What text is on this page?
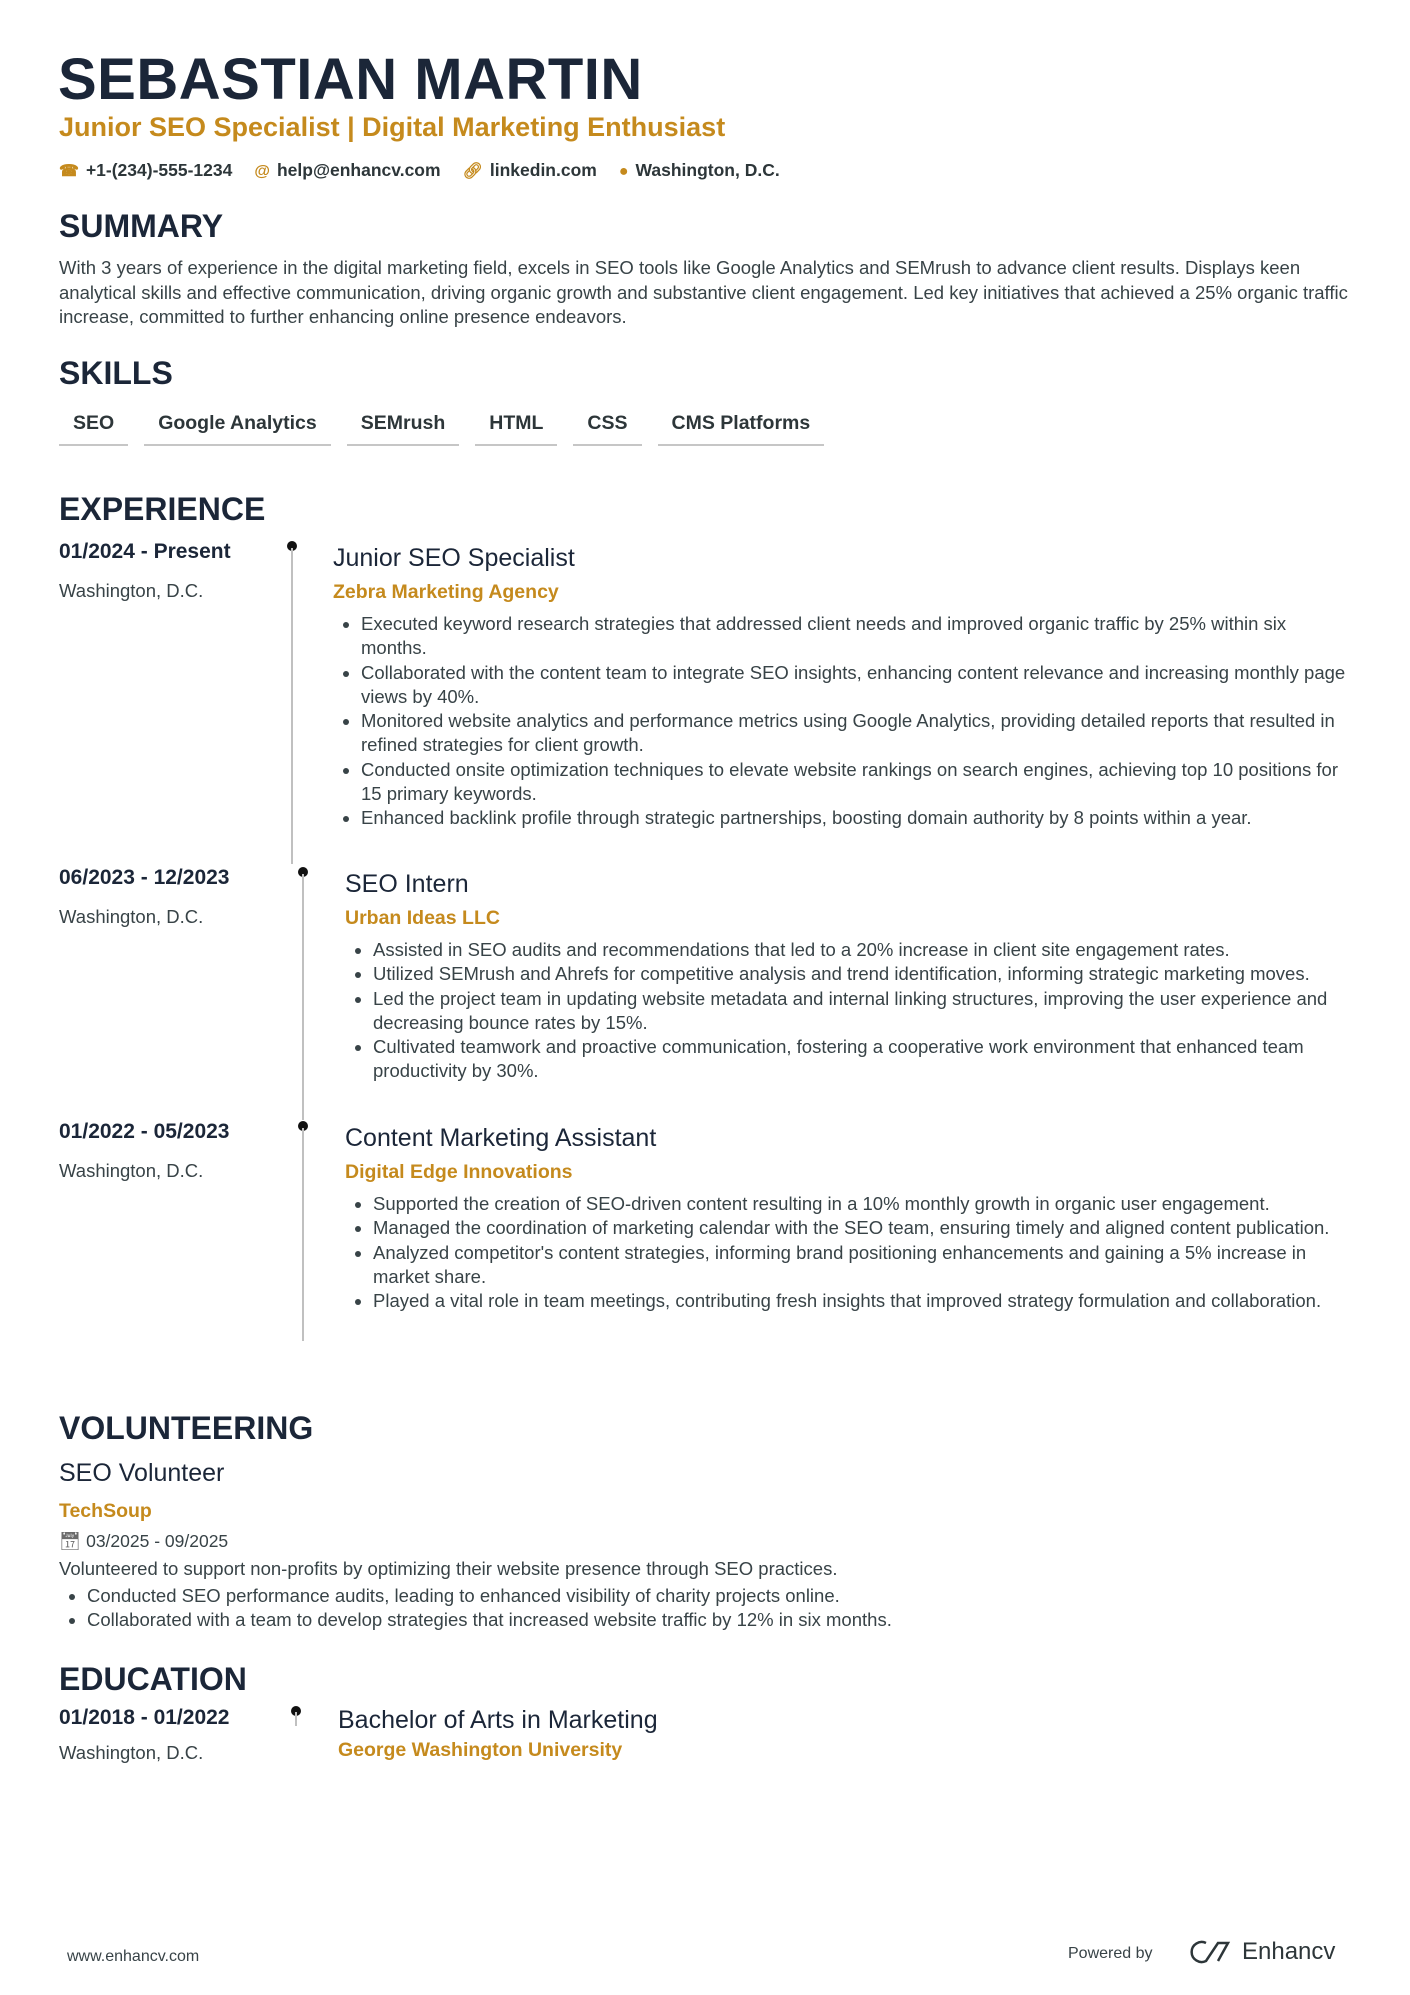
SEBASTIAN MARTIN
Junior SEO Specialist | Digital Marketing Enthusiast
☎ +1-(234)-555-1234 @ help@enhancv.com 🔗︎ linkedin.com ● Washington, D.C.
SUMMARY
With 3 years of experience in the digital marketing field, excels in SEO tools like Google Analytics and SEMrush to advance client results. Displays keen analytical skills and effective communication, driving organic growth and substantive client engagement. Led key initiatives that achieved a 25% organic traffic increase, committed to further enhancing online presence endeavors.
SKILLS
SEO	Google Analytics	SEMrush	HTML	CSS	CMS Platforms
EXPERIENCE
01/2024 - Present
Washington, D.C.
Junior SEO Specialist
Zebra Marketing Agency
• Executed keyword research strategies that addressed client needs and improved organic traffic by 25% within six months.
• Collaborated with the content team to integrate SEO insights, enhancing content relevance and increasing monthly page views by 40%.
• Monitored website analytics and performance metrics using Google Analytics, providing detailed reports that resulted in refined strategies for client growth.
• Conducted onsite optimization techniques to elevate website rankings on search engines, achieving top 10 positions for 15 primary keywords.
• Enhanced backlink profile through strategic partnerships, boosting domain authority by 8 points within a year.
06/2023 - 12/2023
Washington, D.C.
SEO Intern
Urban Ideas LLC
• Assisted in SEO audits and recommendations that led to a 20% increase in client site engagement rates.
• Utilized SEMrush and Ahrefs for competitive analysis and trend identification, informing strategic marketing moves.
• Led the project team in updating website metadata and internal linking structures, improving the user experience and decreasing bounce rates by 15%.
• Cultivated teamwork and proactive communication, fostering a cooperative work environment that enhanced team productivity by 30%.
01/2022 - 05/2023
Washington, D.C.
Content Marketing Assistant
Digital Edge Innovations
• Supported the creation of SEO-driven content resulting in a 10% monthly growth in organic user engagement.
• Managed the coordination of marketing calendar with the SEO team, ensuring timely and aligned content publication.
• Analyzed competitor's content strategies, informing brand positioning enhancements and gaining a 5% increase in market share.
• Played a vital role in team meetings, contributing fresh insights that improved strategy formulation and collaboration.
VOLUNTEERING
SEO Volunteer
TechSoup
📅︎ 03/2025 - 09/2025
Volunteered to support non-profits by optimizing their website presence through SEO practices.
• Conducted SEO performance audits, leading to enhanced visibility of charity projects online.
• Collaborated with a team to develop strategies that increased website traffic by 12% in six months.
EDUCATION
01/2018 - 01/2022
Washington, D.C.
Bachelor of Arts in Marketing
George Washington University
www.enhancv.com	Powered by	Enhancv
